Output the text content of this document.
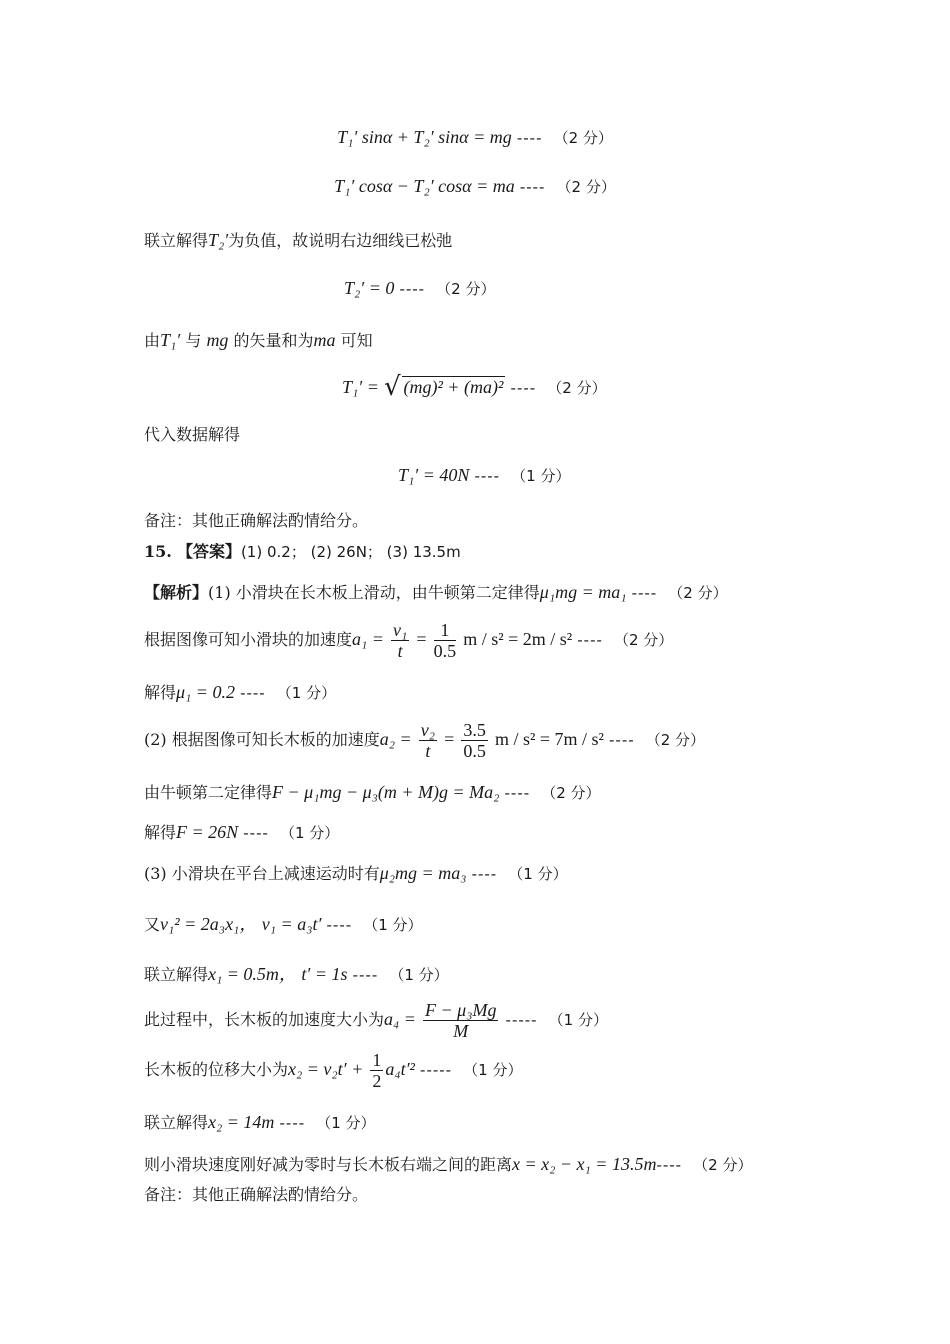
T₁′ sinα + T₂′ sinα = mg ---- （2 分）
T₁′ cosα − T₂′ cosα = ma ---- （2 分）
联立解得T₂′为负值，故说明右边细线已松弛
T₂′ = 0 ---- （2 分）
由T₁′ 与 mg 的矢量和为ma 可知
T₁′ = √ (mg)² + (ma)² ---- （2 分）
代入数据解得
T₁′ = 40N ---- （1 分）
备注：其他正确解法酌情给分。
15. 【答案】(1) 0.2； (2) 26N； (3) 13.5m
【解析】(1) 小滑块在长木板上滑动，由牛顿第二定律得μ₁mg = ma₁ ---- （2 分）
根据图像可知小滑块的加速度$a_1 = \frac{\text{v₁}}{t} = \frac{1}{0.5}$ m / s² = 2m / s² ---- （2 分）
解得μ₁ = 0.2 ---- （1 分）
(2) 根据图像可知长木板的加速度$a_2 = \frac{\text{v₂}}{t} = \frac{3.5}{0.5}$ m / s² = 7m / s² ---- （2 分）
由牛顿第二定律得F − μ₁mg − μ₃(m + M)g = Ma₂ ---- （2 分）
解得F = 26N ---- （1 分）
(3) 小滑块在平台上减速运动时有μ₂mg = ma₃ ---- （1 分）
又v₁² = 2a₃x₁， v₁ = a₃t′ ---- （1 分）
联立解得x₁ = 0.5m， t′ = 1s ---- （1 分）
此过程中，长木板的加速度大小为$a_4 = \frac{\text{F − μ₃Mg}}{M}$ ----- （1 分）
长木板的位移大小为$x_2 = v_2t' + \frac{1}{2} a_4t'^2$ ----- （1 分）
联立解得x₂ = 14m ---- （1 分）
则小滑块速度刚好减为零时与长木板右端之间的距离x = x₂ − x₁ = 13.5m---- （2 分）
备注：其他正确解法酌情给分。
